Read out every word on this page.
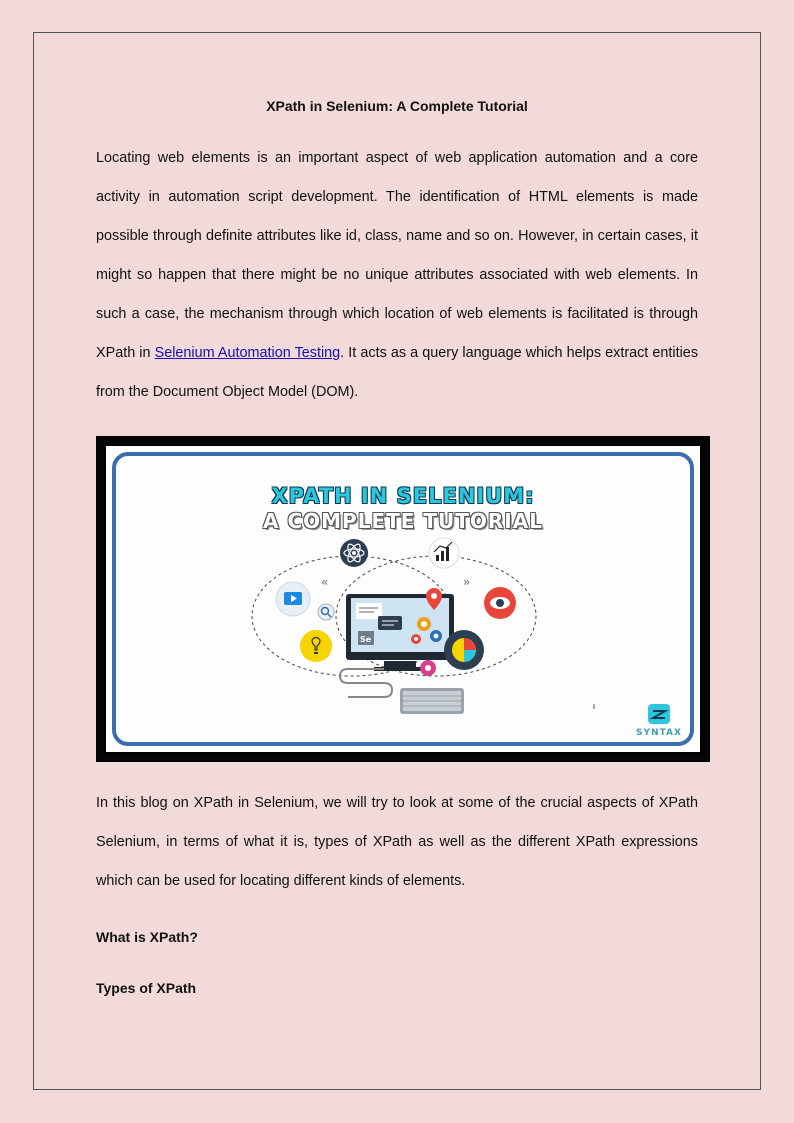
XPath in Selenium: A Complete Tutorial

Locating web elements is an important aspect of web application automation and a core activity in automation script development. The identification of HTML elements is made possible through definite attributes like id, class, name and so on. However, in certain cases, it might so happen that there might be no unique attributes associated with web elements. In such a case, the mechanism through which location of web elements is facilitated is through XPath in Selenium Automation Testing. It acts as a query language which helps extract entities from the Document Object Model (DOM).

XPATH IN SELENIUM:
A COMPLETE TUTORIAL
«	»
Se
SYNTAX

In this blog on XPath in Selenium, we will try to look at some of the crucial aspects of XPath Selenium, in terms of what it is, types of XPath as well as the different XPath expressions which can be used for locating different kinds of elements.

What is XPath?
Types of XPath
